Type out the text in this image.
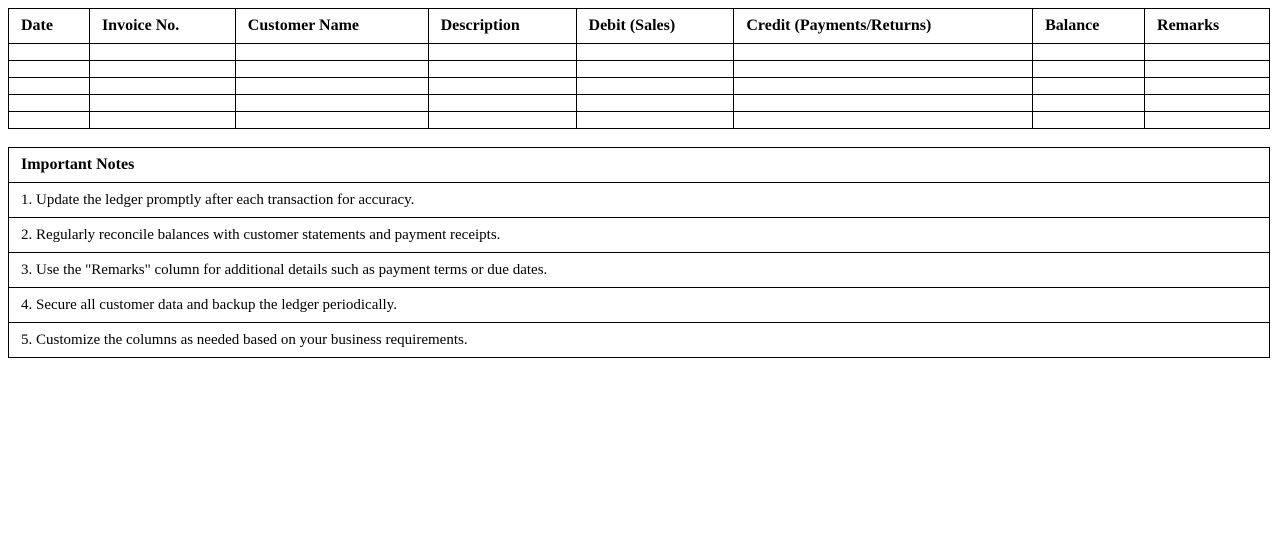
Date	Invoice No.	Customer Name	Description	Debit (Sales)	Credit (Payments/Returns)	Balance	Remarks

Important Notes
1. Update the ledger promptly after each transaction for accuracy.
2. Regularly reconcile balances with customer statements and payment receipts.
3. Use the "Remarks" column for additional details such as payment terms or due dates.
4. Secure all customer data and backup the ledger periodically.
5. Customize the columns as needed based on your business requirements.
